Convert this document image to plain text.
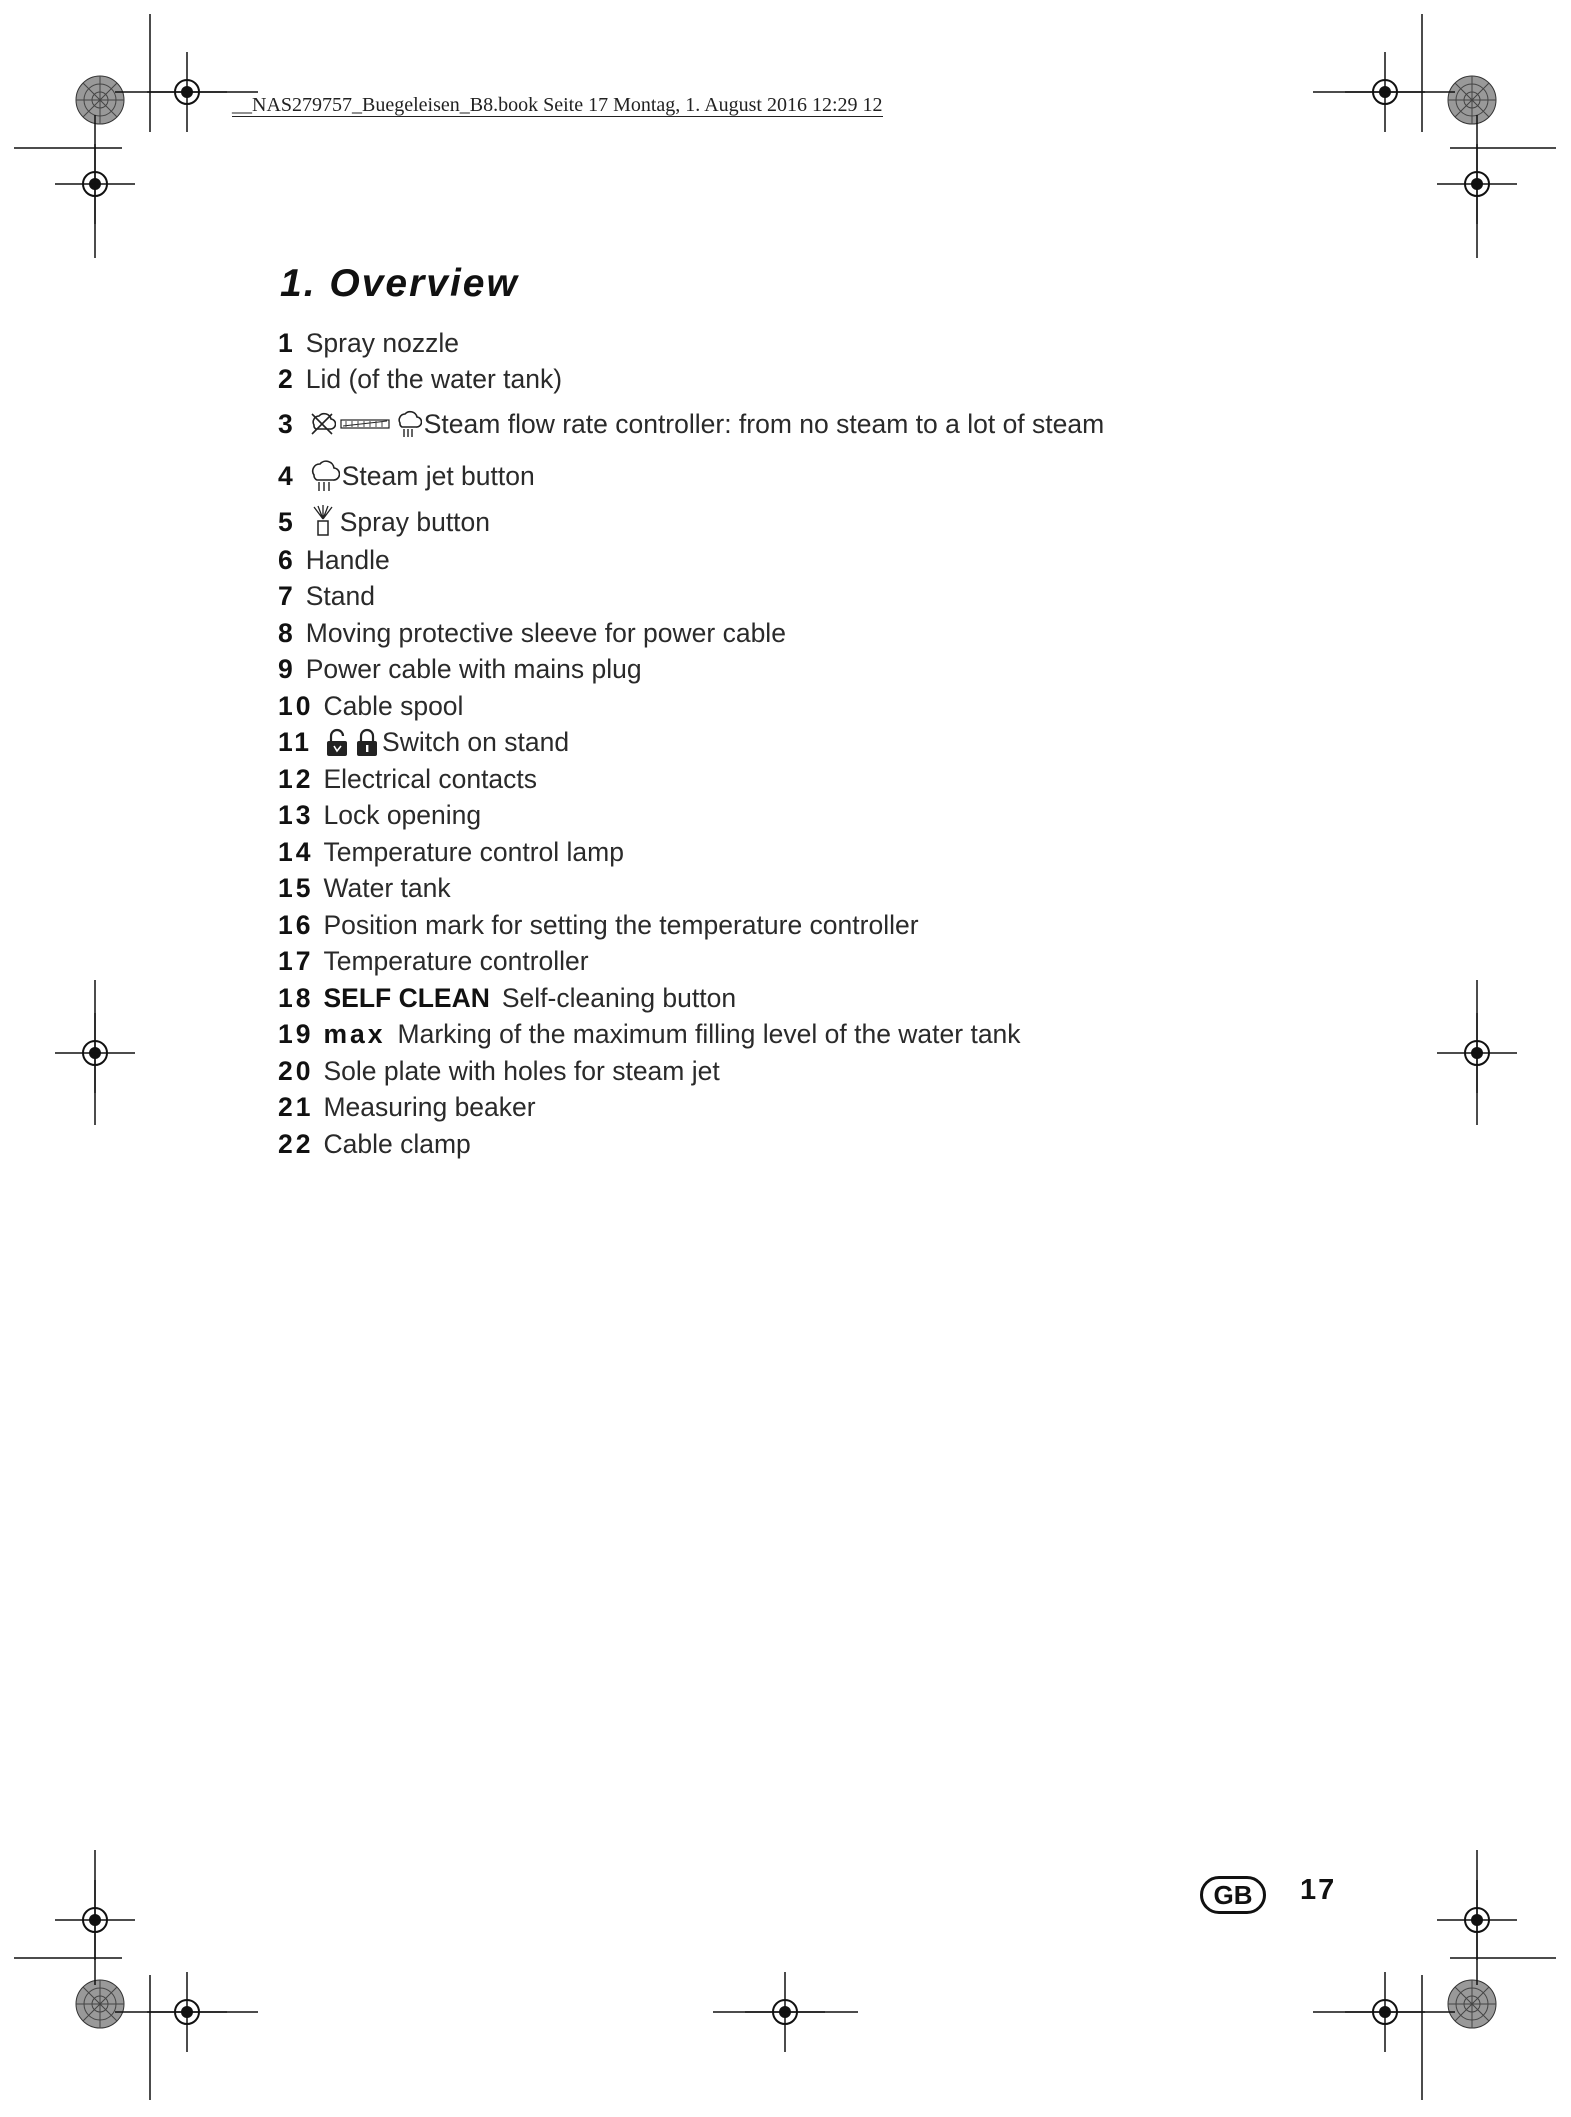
__NAS279757_Buegeleisen_B8.book Seite 17 Montag, 1. August 2016 12:29 12
1. Overview
1 Spray nozzle
2 Lid (of the water tank)
3	Steam flow rate controller: from no steam to a lot of steam
4 Steam jet button
5 Spray button
6 Handle
7 Stand
8 Moving protective sleeve for power cable
9 Power cable with mains plug
10 Cable spool
11	Switch on stand
12 Electrical contacts
13 Lock opening
14 Temperature control lamp
15 Water tank
16 Position mark for setting the temperature controller
17 Temperature controller
18 SELF CLEAN Self-cleaning button
19 max Marking of the maximum filling level of the water tank
20 Sole plate with holes for steam jet
21 Measuring beaker
22 Cable clamp
GB	17
